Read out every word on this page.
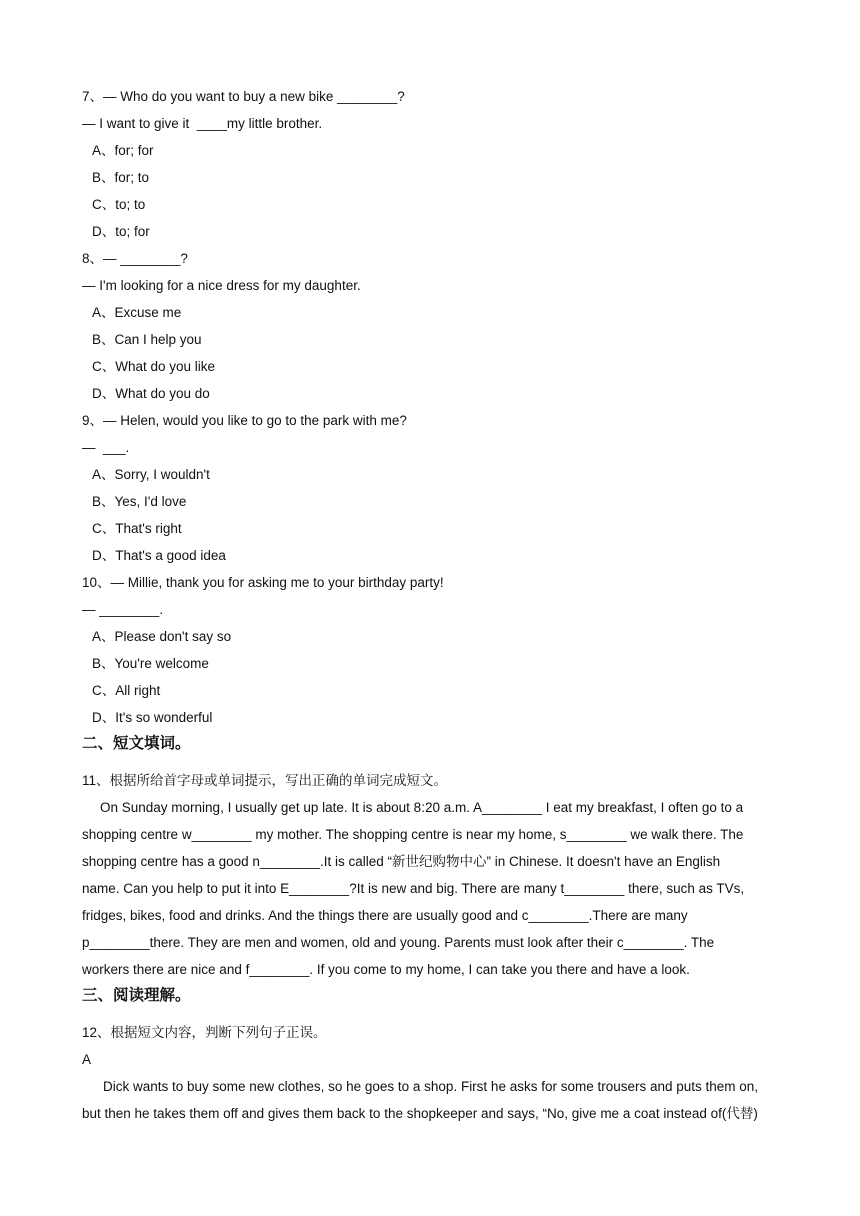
7、— Who do you want to buy a new bike ________?
— I want to give it  ____my little brother.
A、for; for
B、for; to
C、to; to
D、to; for
8、— ________?
— I'm looking for a nice dress for my daughter.
A、Excuse me
B、Can I help you
C、What do you like
D、What do you do
9、— Helen, would you like to go to the park with me?
—  ___.
A、Sorry, I wouldn't
B、Yes, I'd love
C、That's right
D、That's a good idea
10、— Millie, thank you for asking me to your birthday party!
— ________.
A、Please don't say so
B、You're welcome
C、All right
D、It's so wonderful
二、短文填词。
11、根据所给首字母或单词提示，写出正确的单词完成短文。
On Sunday morning, I usually get up late. It is about 8:20 a.m. A________ I eat my breakfast, I often go to a
shopping centre w________ my mother. The shopping centre is near my home, s________ we walk there. The
shopping centre has a good n________.It is called “新世纪购物中心” in Chinese. It doesn't have an English
name. Can you help to put it into E________?It is new and big. There are many t________ there, such as TVs,
fridges, bikes, food and drinks. And the things there are usually good and c________.There are many
p________there. They are men and women, old and young. Parents must look after their c________. The
workers there are nice and f________. If you come to my home, I can take you there and have a look.
三、阅读理解。
12、根据短文内容，判断下列句子正误。
A
Dick wants to buy some new clothes, so he goes to a shop. First he asks for some trousers and puts them on,
but then he takes them off and gives them back to the shopkeeper and says, “No, give me a coat instead of(代替)
